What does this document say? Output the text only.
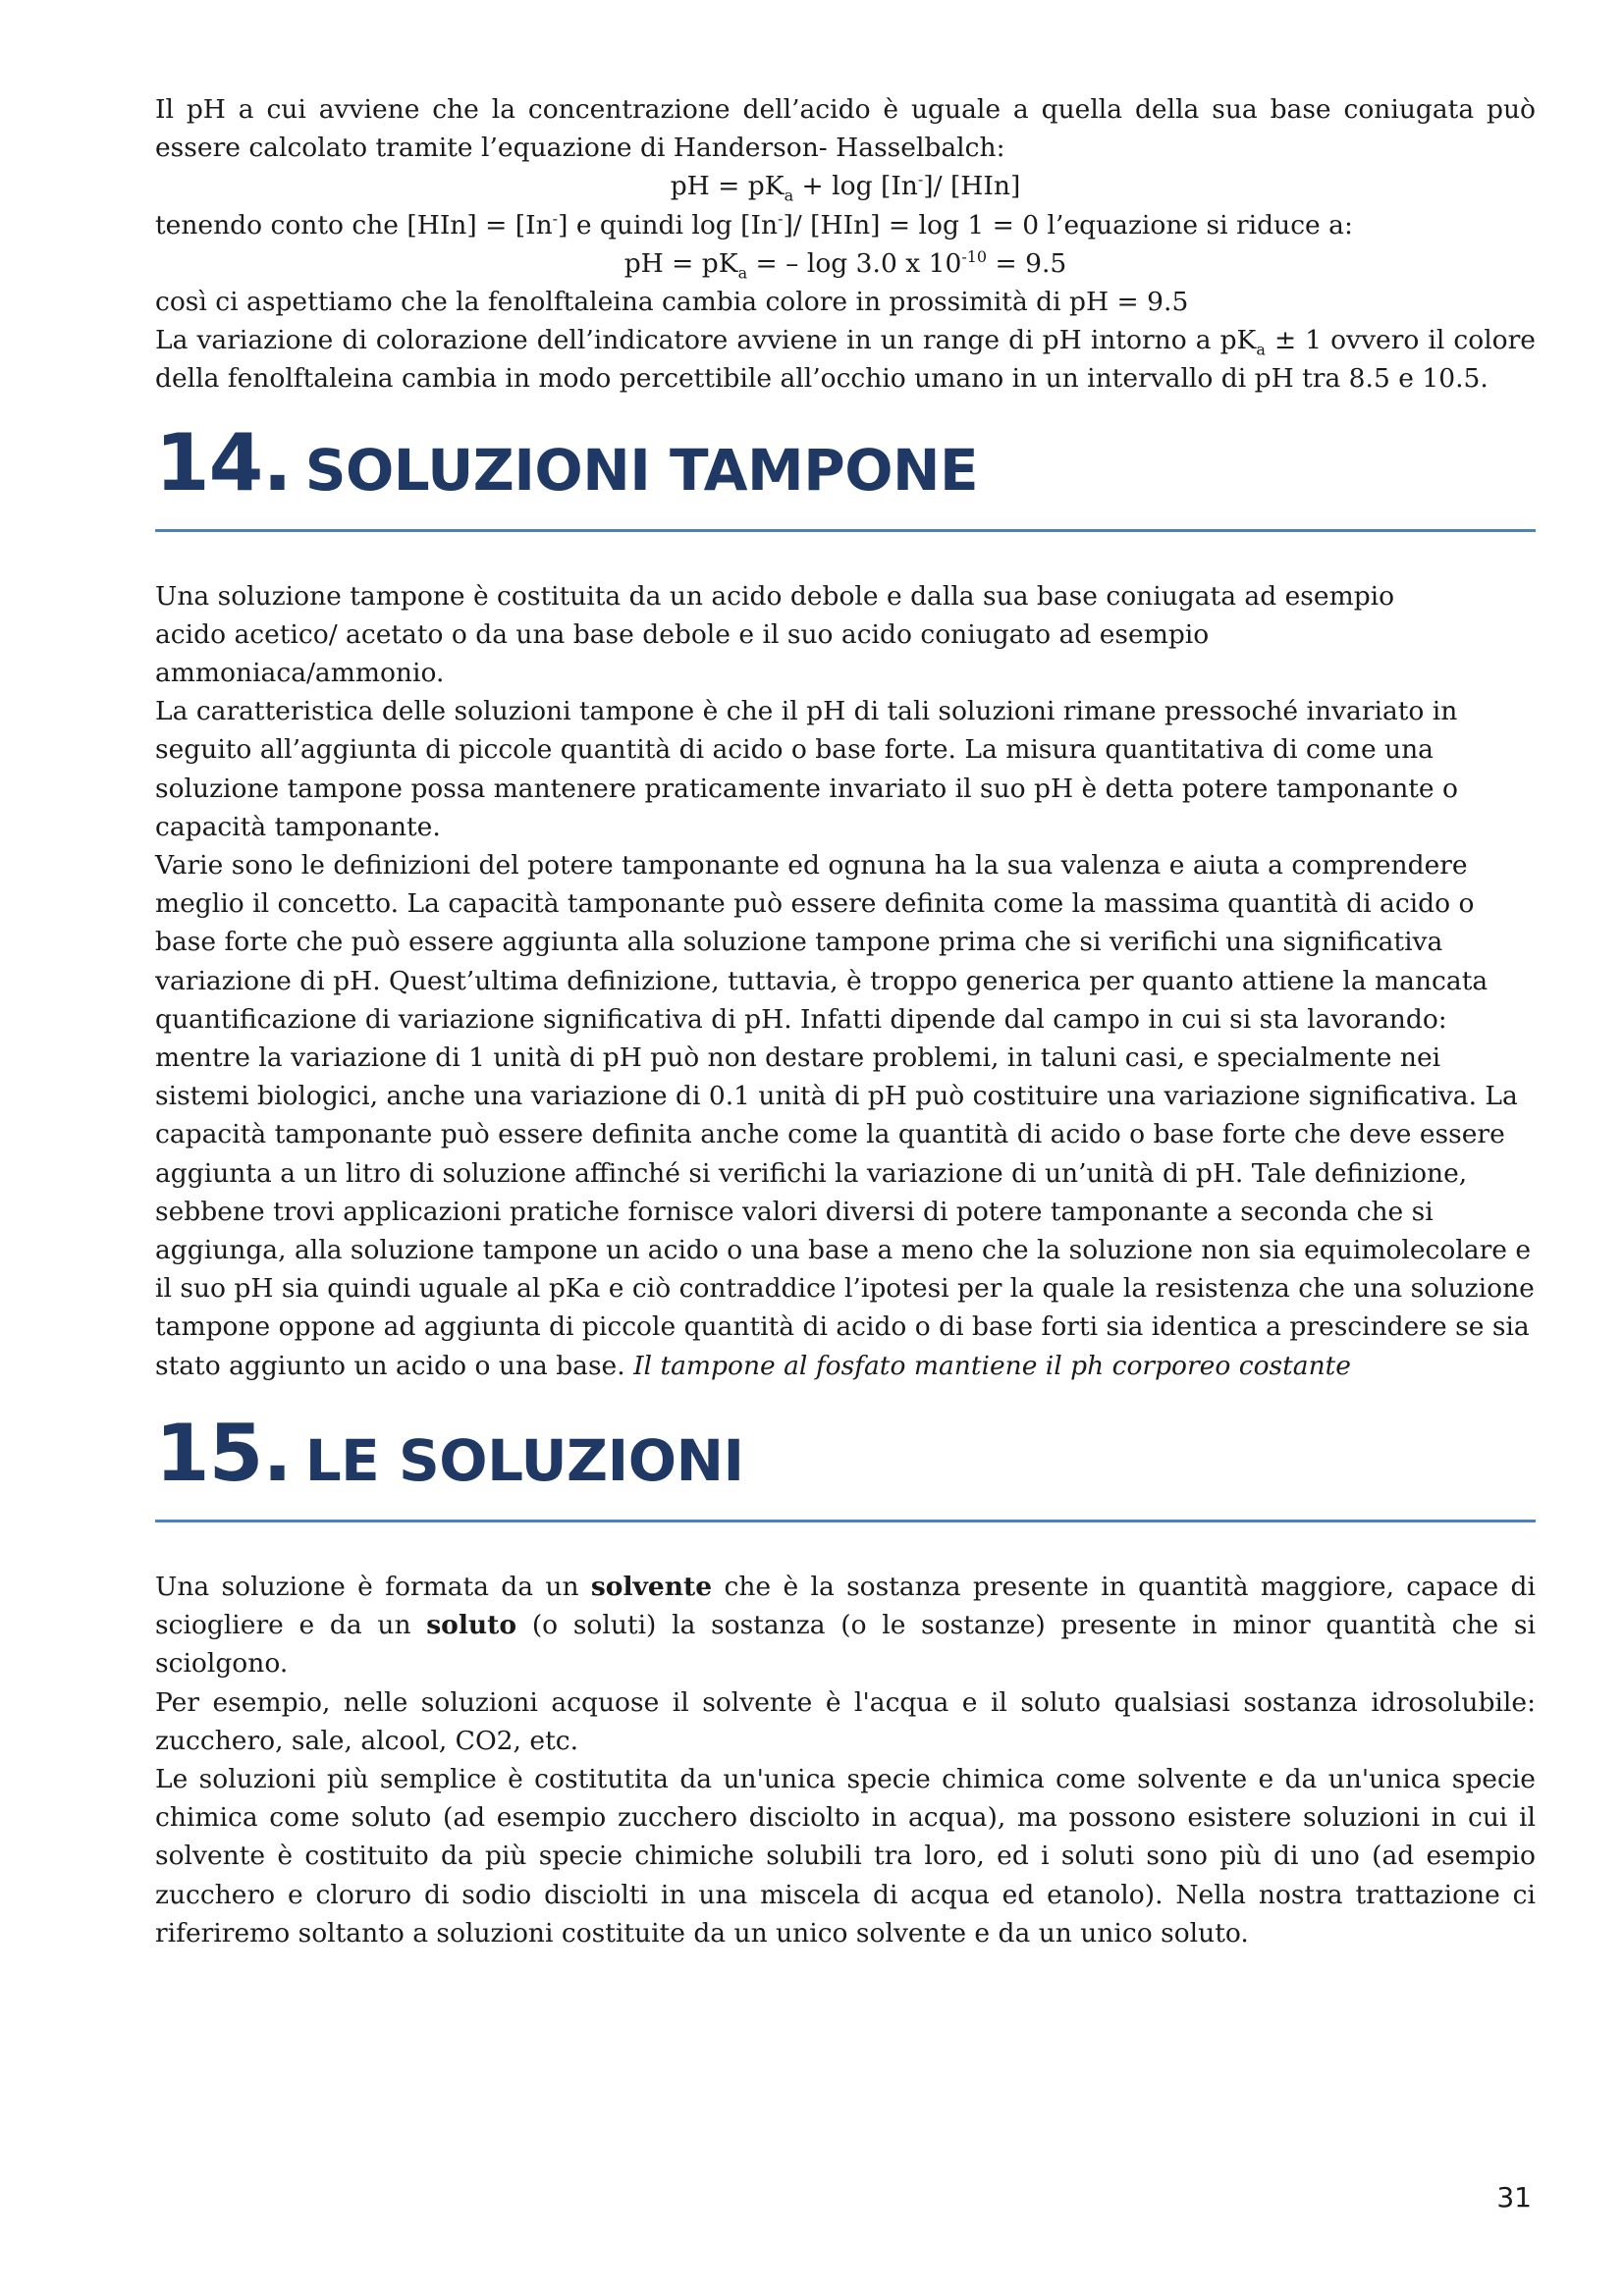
Il pH a cui avviene che la concentrazione dell’acido è uguale a quella della sua base coniugata può essere calcolato tramite l’equazione di Handerson- Hasselbalch:

pH = $pK_a + \log [In^-]/$ [HIn]

tenendo conto che [HIn] = [In-] e quindi log [In-]/ [HIn] = log 1 = 0 l’equazione si riduce a:

pH = $pK_a$ = – log 3.0 x $10^{-10} = 9.5$

così ci aspettiamo che la fenolftaleina cambia colore in prossimità di pH = 9.5

La variazione di colorazione dell’indicatore avviene in un range di pH intorno a $pK_a \pm 1$ ovvero il colore della fenolftaleina cambia in modo percettibile all’occhio umano in un intervallo di pH tra 8.5 e 10.5.

14. SOLUZIONI TAMPONE
Una soluzione tampone è costituita da un acido debole e dalla sua base coniugata ad esempio
acido acetico/ acetato o da una base debole e il suo acido coniugato ad esempio
ammoniaca/ammonio.

La caratteristica delle soluzioni tampone è che il pH di tali soluzioni rimane pressoché invariato in seguito all’aggiunta di piccole quantità di acido o base forte. La misura quantitativa di come una soluzione tampone possa mantenere praticamente invariato il suo pH è detta potere tamponante o capacità tamponante.

Varie sono le definizioni del potere tamponante ed ognuna ha la sua valenza e aiuta a comprendere meglio il concetto. La capacità tamponante può essere definita come la massima quantità di acido o base forte che può essere aggiunta alla soluzione tampone prima che si verifichi una significativa variazione di pH. Quest’ultima definizione, tuttavia, è troppo generica per quanto attiene la mancata quantificazione di variazione significativa di pH. Infatti dipende dal campo in cui si sta lavorando: mentre la variazione di 1 unità di pH può non destare problemi, in taluni casi, e specialmente nei sistemi biologici, anche una variazione di 0.1 unità di pH può costituire una variazione significativa. La capacità tamponante può essere definita anche come la quantità di acido o base forte che deve essere aggiunta a un litro di soluzione affinché si verifichi la variazione di un’unità di pH. Tale definizione, sebbene trovi applicazioni pratiche fornisce valori diversi di potere tamponante a seconda che si aggiunga, alla soluzione tampone un acido o una base a meno che la soluzione non sia equimolecolare e il suo pH sia quindi uguale al pKa e ciò contraddice l’ipotesi per la quale la resistenza che una soluzione tampone oppone ad aggiunta di piccole quantità di acido o di base forti sia identica a prescindere se sia stato aggiunto un acido o una base. Il tampone al fosfato mantiene il ph corporeo costante

15. LE SOLUZIONI

Una soluzione è formata da un solvente che è la sostanza presente in quantità maggiore, capace di sciogliere e da un soluto (o soluti) la sostanza (o le sostanze) presente in minor quantità che si sciolgono.

Per esempio, nelle soluzioni acquose il solvente è l'acqua e il soluto qualsiasi sostanza idrosolubile: zucchero, sale, alcool, CO2, etc.

Le soluzioni più semplice è costitutita da un'unica specie chimica come solvente e da un'unica specie chimica come soluto (ad esempio zucchero disciolto in acqua), ma possono esistere soluzioni in cui il solvente è costituito da più specie chimiche solubili tra loro, ed i soluti sono più di uno (ad esempio zucchero e cloruro di sodio disciolti in una miscela di acqua ed etanolo). Nella nostra trattazione ci riferiremo soltanto a soluzioni costituite da un unico solvente e da un unico soluto.

31
